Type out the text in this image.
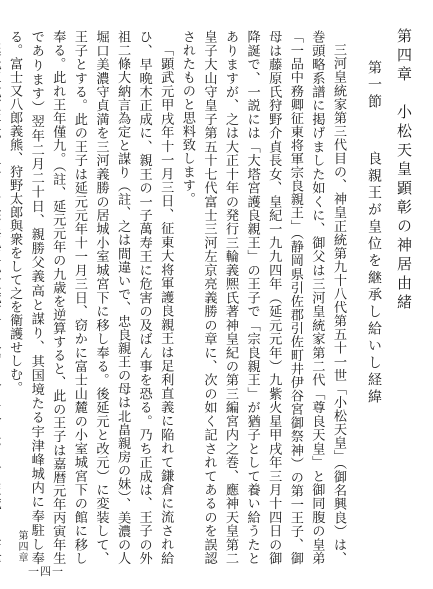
第四章　小松天皇顕彰の神居由緒
第一節良親王が皇位を継承し給いし経緯

三河皇統家第三代目の、神皇正統第九十八代第五十一世「小松天皇」（御名興良）は、巻頭略系譜に掲げました如くに、御父は三河皇統家第二代「尊良天皇」と御同腹の皇弟「一品中務卿征東将軍宗良親王」（静岡県引佐郡引佐町井伊谷宮御祭神）の第一王子、御母は藤原氏狩野介貞長女、皇紀一九九四年（延元元年）九紫火星甲戌年三月十四日の御降誕で、一説には「大塔宮護良親王」の王子で「宗良親王」が猶子として養い給うたとありますが、之は大正十年の発行三輪義熈氏著神皇紀の第三編宮内之巻、應神天皇第二皇子大山守皇子第五十七代富士三河左京亮義勝の章に、次の如く記されてあるのを誤認されたものと思料致します。

「顕武元甲戌年十一月三日、征東大将軍護良親王は足利直義に陥れて鎌倉に流され給ひ、早晩木正成に、親王の一子萬寿王に危害の及ばん事を恐る。乃ち正成は、王子の外祖二條大納言為定と謀り（註、之は間違いで、忠良親王の母は北畠親房の妹）、美濃の人堀口美濃守貞満を三河義勝の居城小室城宮下に移し奉る。後延元と改元）に変装して、王子とする。此の王子は延元元年十一月三日、窃かに富士山麓の小室城宮下の館に移し奉る。此れ王年僅九。（註、延元元年の九歳を逆算すると、此の王子は嘉暦元年丙寅年生であります）翌年二月二十日、親勝父義高と謀り、其国境たる宇津峰城内に奉駐し奉る。富士又八郎義熊、狩野太郎與衆をして之を衛護せしむ。

第四章
一四一
